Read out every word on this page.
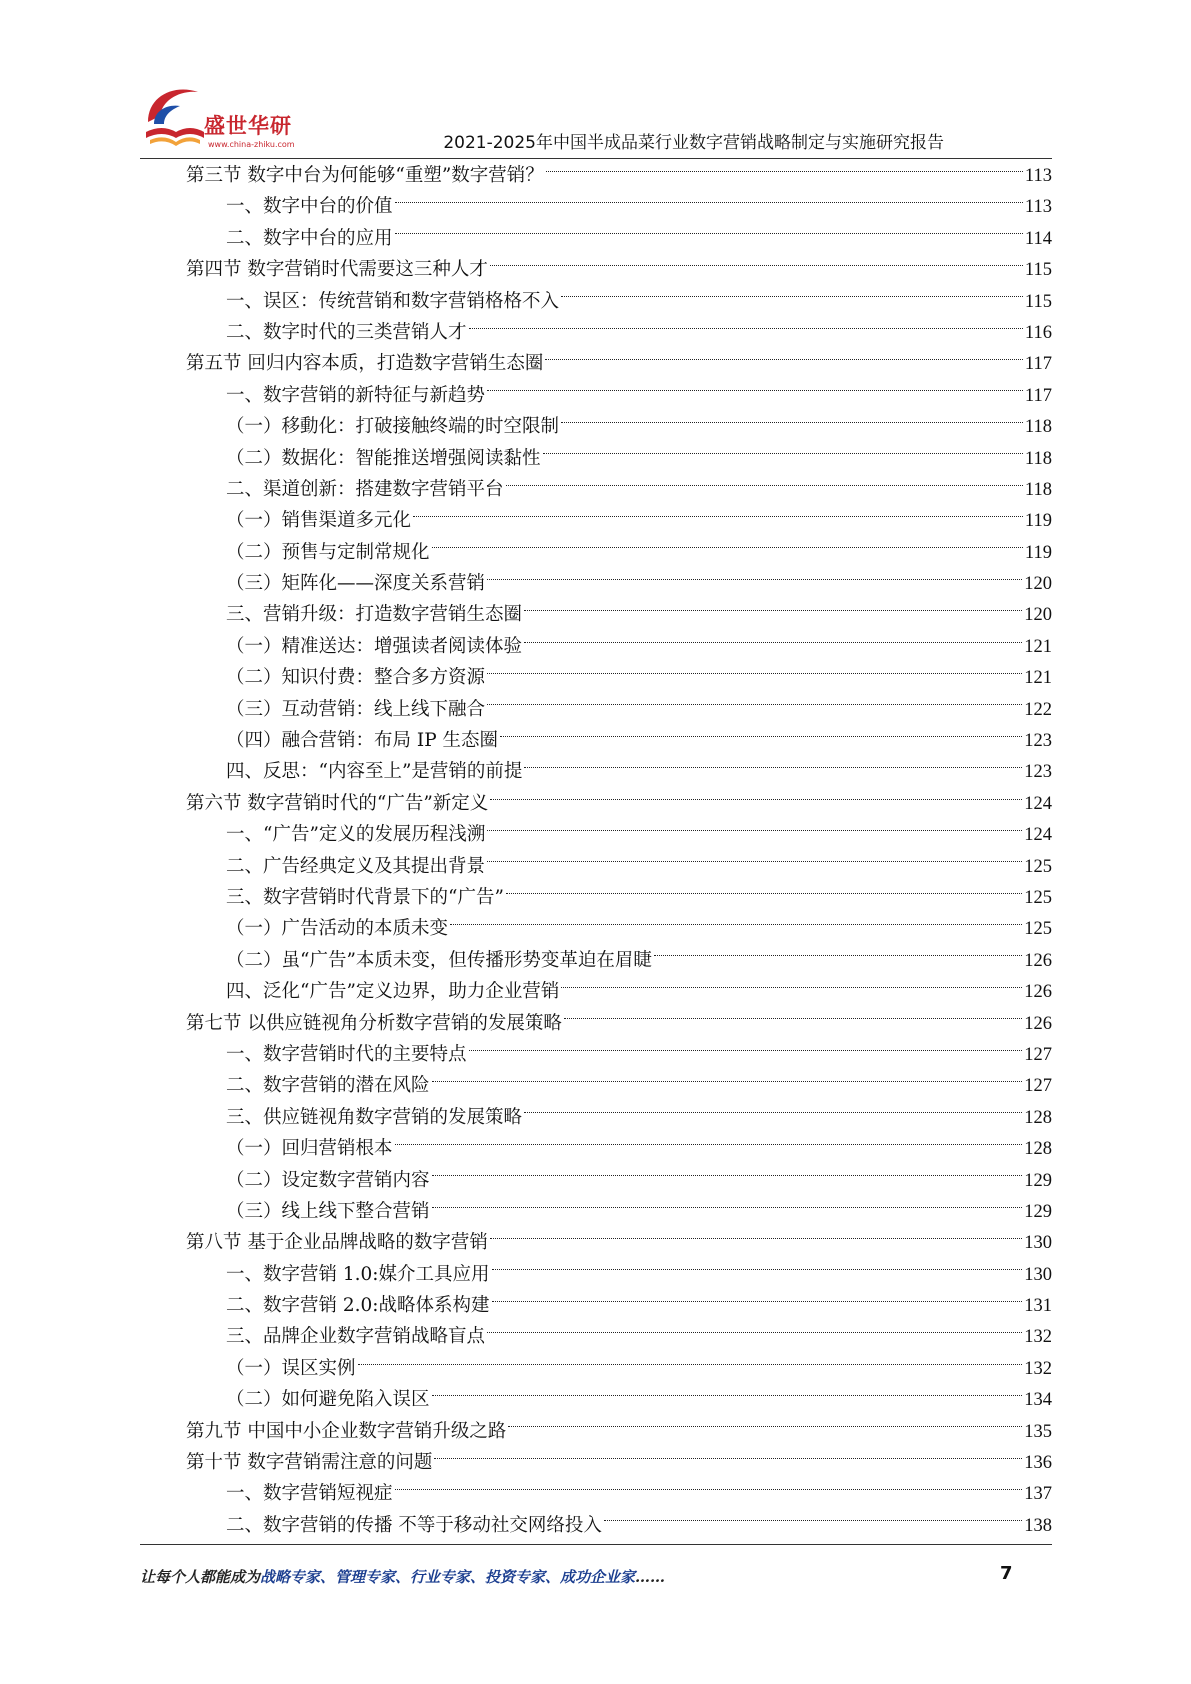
盛世华研
www.china-zhiku.com	2021-2025年中国半成品菜行业数字营销战略制定与实施研究报告
第三节 数字中台为何能够“重塑”数字营销？	113
一、数字中台的价值	113
二、数字中台的应用	114
第四节 数字营销时代需要这三种人才	115
一、误区：传统营销和数字营销格格不入	115
二、数字时代的三类营销人才	116
第五节 回归内容本质，打造数字营销生态圈	117
一、数字营销的新特征与新趋势	117
（一）移動化：打破接触终端的时空限制	118
（二）数据化：智能推送增强阅读黏性	118
二、渠道创新：搭建数字营销平台	118
（一）销售渠道多元化	119
（二）预售与定制常规化	119
（三）矩阵化——深度关系营销	120
三、营销升级：打造数字营销生态圈	120
（一）精准送达：增强读者阅读体验	121
（二）知识付费：整合多方资源	121
（三）互动营销：线上线下融合	122
（四）融合营销：布局 IP 生态圈	123
四、反思：“内容至上”是营销的前提	123
第六节 数字营销时代的“广告”新定义	124
一、“广告”定义的发展历程浅溯	124
二、广告经典定义及其提出背景	125
三、数字营销时代背景下的“广告”	125
（一）广告活动的本质未变	125
（二）虽“广告”本质未变，但传播形势变革迫在眉睫	126
四、泛化“广告”定义边界，助力企业营销	126
第七节 以供应链视角分析数字营销的发展策略	126
一、数字营销时代的主要特点	127
二、数字营销的潜在风险	127
三、供应链视角数字营销的发展策略	128
（一）回归营销根本	128
（二）设定数字营销内容	129
（三）线上线下整合营销	129
第八节 基于企业品牌战略的数字营销	130
一、数字营销 1.0:媒介工具应用	130
二、数字营销 2.0:战略体系构建	131
三、品牌企业数字营销战略盲点	132
（一）误区实例	132
（二）如何避免陷入误区	134
第九节 中国中小企业数字营销升级之路	135
第十节 数字营销需注意的问题	136
一、数字营销短视症	137
二、数字营销的传播 不等于移动社交网络投入	138
让每个人都能成为战略专家、管理专家、行业专家、投资专家、成功企业家……	7
